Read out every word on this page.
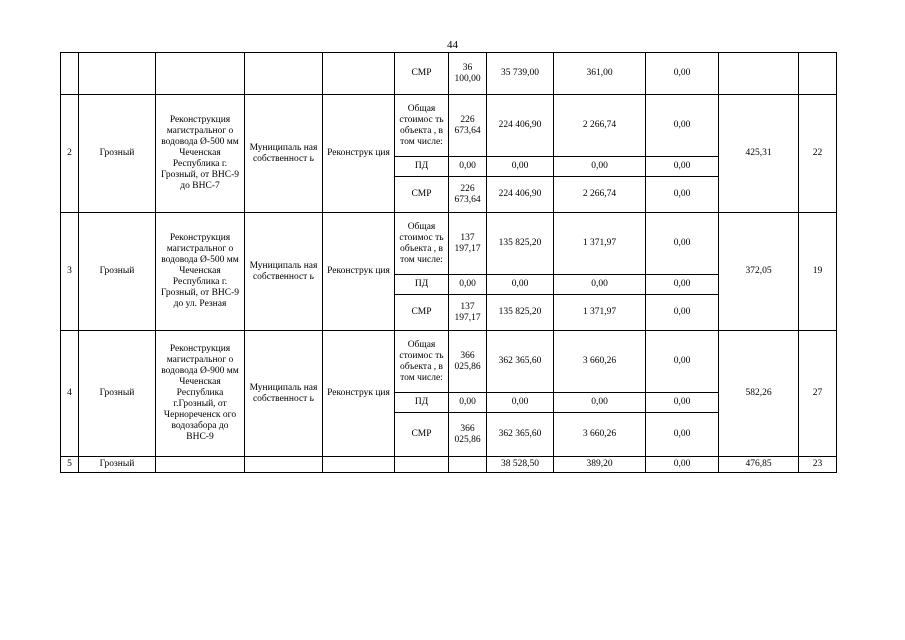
44
					СМР	36 100,00	35 739,00	361,00	0,00		
2	Грозный	Реконструкция магистральног о водовода Ø-500 мм Чеченская Республика г. Грозный, от ВНС-9 до ВНС-7	Муниципаль ная собственност ь	Реконструк ция	Общая стоимос ть объекта , в том числе:	226 673,64	224 406,90	2 266,74	0,00	425,31	22
					ПД	0,00	0,00	0,00	0,00		
					СМР	226 673,64	224 406,90	2 266,74	0,00		
3	Грозный	Реконструкция магистральног о водовода Ø-500 мм Чеченская Республика г. Грозный, от ВНС-9 до ул. Резная	Муниципаль ная собственност ь	Реконструк ция	Общая стоимос ть объекта , в том числе:	137 197,17	135 825,20	1 371,97	0,00	372,05	19
					ПД	0,00	0,00	0,00	0,00		
					СМР	137 197,17	135 825,20	1 371,97	0,00		
4	Грозный	Реконструкция магистральног о водовода Ø-900 мм Чеченская Республика г.Грозный, от Чернореченск ого водозабора до ВНС-9	Муниципаль ная собственност ь	Реконструк ция	Общая стоимос ть объекта , в том числе:	366 025,86	362 365,60	3 660,26	0,00	582,26	27
					ПД	0,00	0,00	0,00	0,00		
					СМР	366 025,86	362 365,60	3 660,26	0,00		
5	Грозный						38 528,50	389,20	0,00	476,85	23
